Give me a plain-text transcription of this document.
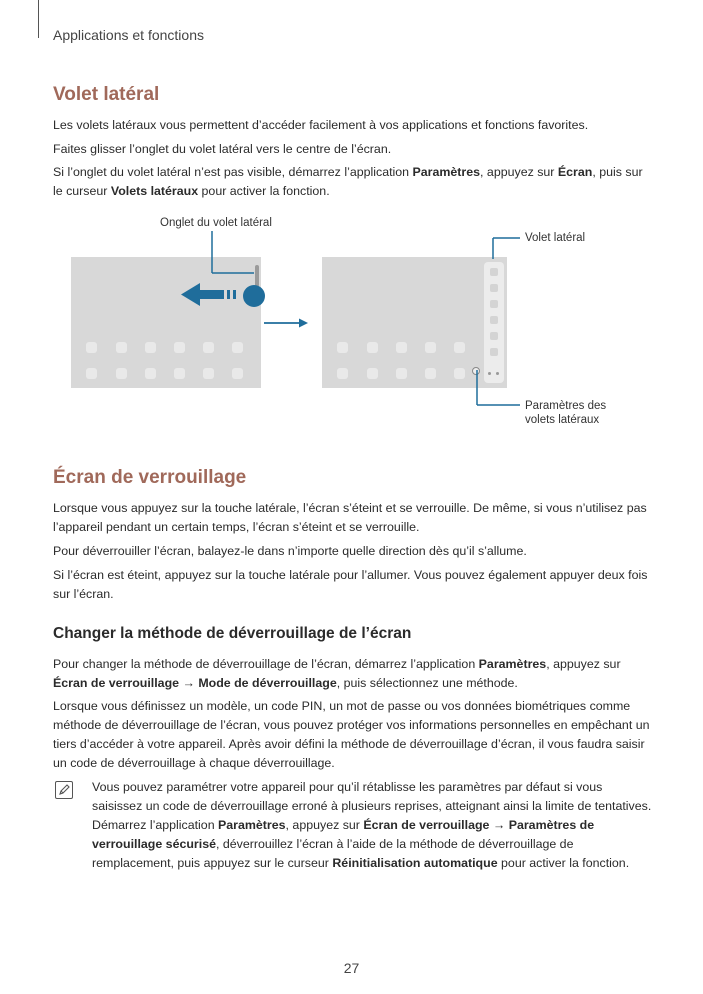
Applications et fonctions
Volet latéral
Les volets latéraux vous permettent d’accéder facilement à vos applications et fonctions favorites.
Faites glisser l’onglet du volet latéral vers le centre de l’écran.
Si l’onglet du volet latéral n’est pas visible, démarrez l’application Paramètres, appuyez sur Écran, puis sur le curseur Volets latéraux pour activer la fonction.
Onglet du volet latéral
Volet latéral
Paramètres des
volets latéraux
Écran de verrouillage
Lorsque vous appuyez sur la touche latérale, l’écran s’éteint et se verrouille. De même, si vous n’utilisez pas l’appareil pendant un certain temps, l’écran s’éteint et se verrouille.
Pour déverrouiller l’écran, balayez-le dans n’importe quelle direction dès qu’il s’allume.
Si l’écran est éteint, appuyez sur la touche latérale pour l’allumer. Vous pouvez également appuyer deux fois sur l’écran.
Changer la méthode de déverrouillage de l’écran
Pour changer la méthode de déverrouillage de l’écran, démarrez l’application Paramètres, appuyez sur Écran de verrouillage → Mode de déverrouillage, puis sélectionnez une méthode.
Lorsque vous définissez un modèle, un code PIN, un mot de passe ou vos données biométriques comme méthode de déverrouillage de l’écran, vous pouvez protéger vos informations personnelles en empêchant un tiers d’accéder à votre appareil. Après avoir défini la méthode de déverrouillage d’écran, il vous faudra saisir un code de déverrouillage à chaque déverrouillage.
Vous pouvez paramétrer votre appareil pour qu’il rétablisse les paramètres par défaut si vous saisissez un code de déverrouillage erroné à plusieurs reprises, atteignant ainsi la limite de tentatives. Démarrez l’application Paramètres, appuyez sur Écran de verrouillage → Paramètres de verrouillage sécurisé, déverrouillez l’écran à l’aide de la méthode de déverrouillage de remplacement, puis appuyez sur le curseur Réinitialisation automatique pour activer la fonction.
27
